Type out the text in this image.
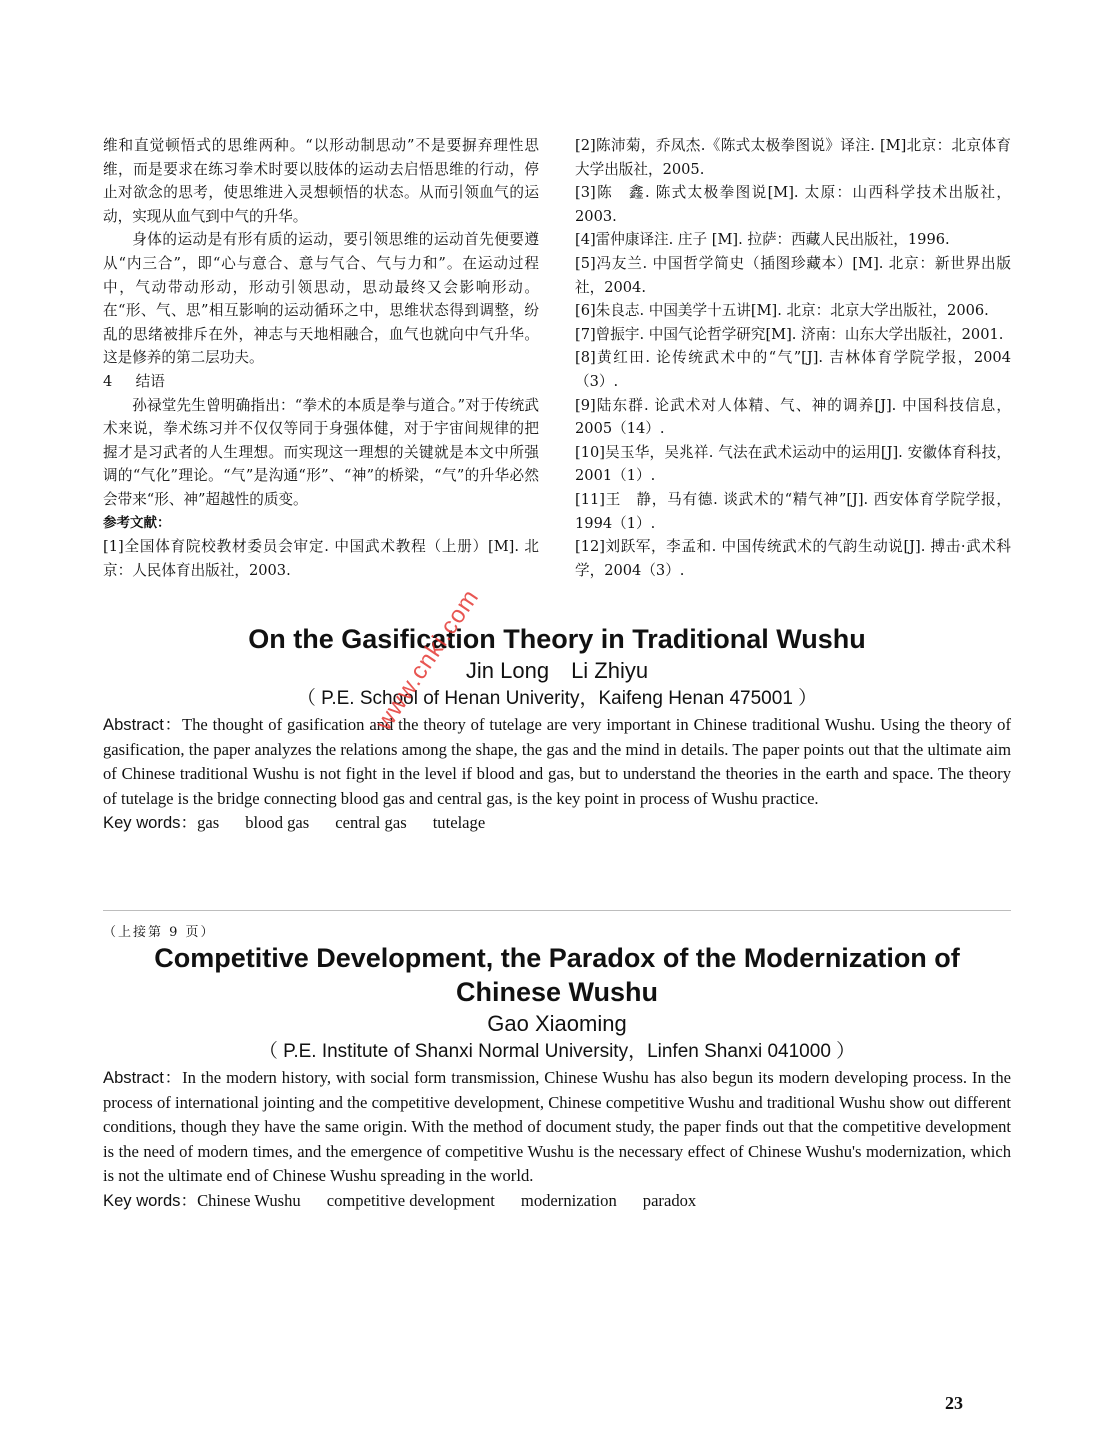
维和直觉顿悟式的思维两种。“以形动制思动”不是要摒弃理性思维，而是要求在练习拳术时要以肢体的运动去启悟思维的行动，停止对欲念的思考，使思维进入灵想顿悟的状态。从而引领血气的运动，实现从血气到中气的升华。

身体的运动是有形有质的运动，要引领思维的运动首先便要遵从“内三合”，即“心与意合、意与气合、气与力和”。在运动过程中，气动带动形动，形动引领思动，思动最终又会影响形动。在“形、气、思”相互影响的运动循环之中，思维状态得到调整，纷乱的思绪被排斥在外，神志与天地相融合，血气也就向中气升华。这是修养的第二层功夫。

4 结语

孙禄堂先生曾明确指出：“拳术的本质是拳与道合。”对于传统武术来说，拳术练习并不仅仅等同于身强体健，对于宇宙间规律的把握才是习武者的人生理想。而实现这一理想的关键就是本文中所强调的“气化”理论。“气”是沟通“形”、“神”的桥梁，“气”的升华必然会带来“形、神”超越性的质变。

参考文献：

[1]全国体育院校教材委员会审定. 中国武术教程（上册）[M]. 北京：人民体育出版社，2003.

[2]陈沛菊，乔凤杰.《陈式太极拳图说》译注. [M]北京：北京体育大学出版社，2005.

[3]陈　鑫. 陈式太极拳图说[M]. 太原：山西科学技术出版社，2003.

[4]雷仲康译注. 庄子 [M]. 拉萨：西藏人民出版社，1996.

[5]冯友兰. 中国哲学简史（插图珍藏本）[M]. 北京：新世界出版社，2004.

[6]朱良志. 中国美学十五讲[M]. 北京：北京大学出版社，2006.

[7]曾振宇. 中国气论哲学研究[M]. 济南：山东大学出版社，2001.

[8]黄红田. 论传统武术中的“气”[J]. 吉林体育学院学报，2004（3）.

[9]陆东群. 论武术对人体精、气、神的调养[J]. 中国科技信息，2005（14）.

[10]吴玉华，吴兆祥. 气法在武术运动中的运用[J]. 安徽体育科技，2001（1）.

[11]王　静，马有德. 谈武术的“精气神”[J]. 西安体育学院学报，1994（1）.

[12]刘跃军，李孟和. 中国传统武术的气韵生动说[J]. 搏击·武术科学，2004（3）.

On the Gasification Theory in Traditional Wushu

Jin Long　Li Zhiyu

（ P.E. School of Henan Univerity，Kaifeng Henan 475001 ）

Abstract：The thought of gasification and the theory of tutelage are very important in Chinese traditional Wushu. Using the theory of gasification, the paper analyzes the relations among the shape, the gas and the mind in details. The paper points out that the ultimate aim of Chinese traditional Wushu is not fight in the level if blood and gas, but to understand the theories in the earth and space. The theory of tutelage is the bridge connecting blood gas and central gas, is the key point in process of Wushu practice.

Key words：gas blood gas central gas tutelage

（上接第 9 页）

Competitive Development, the Paradox of the Modernization of Chinese Wushu

Gao Xiaoming

（ P.E. Institute of Shanxi Normal University，Linfen Shanxi 041000 ）

Abstract：In the modern history, with social form transmission, Chinese Wushu has also begun its modern developing process. In the process of international jointing and the competitive development, Chinese competitive Wushu and traditional Wushu show out different conditions, though they have the same origin. With the method of document study, the paper finds out that the competitive development is the need of modern times, and the emergence of competitive Wushu is the necessary effect of Chinese Wushu's modernization, which is not the ultimate end of Chinese Wushu spreading in the world.

Key words：Chinese Wushu competitive development modernization paradox

www.cnki.com
23
